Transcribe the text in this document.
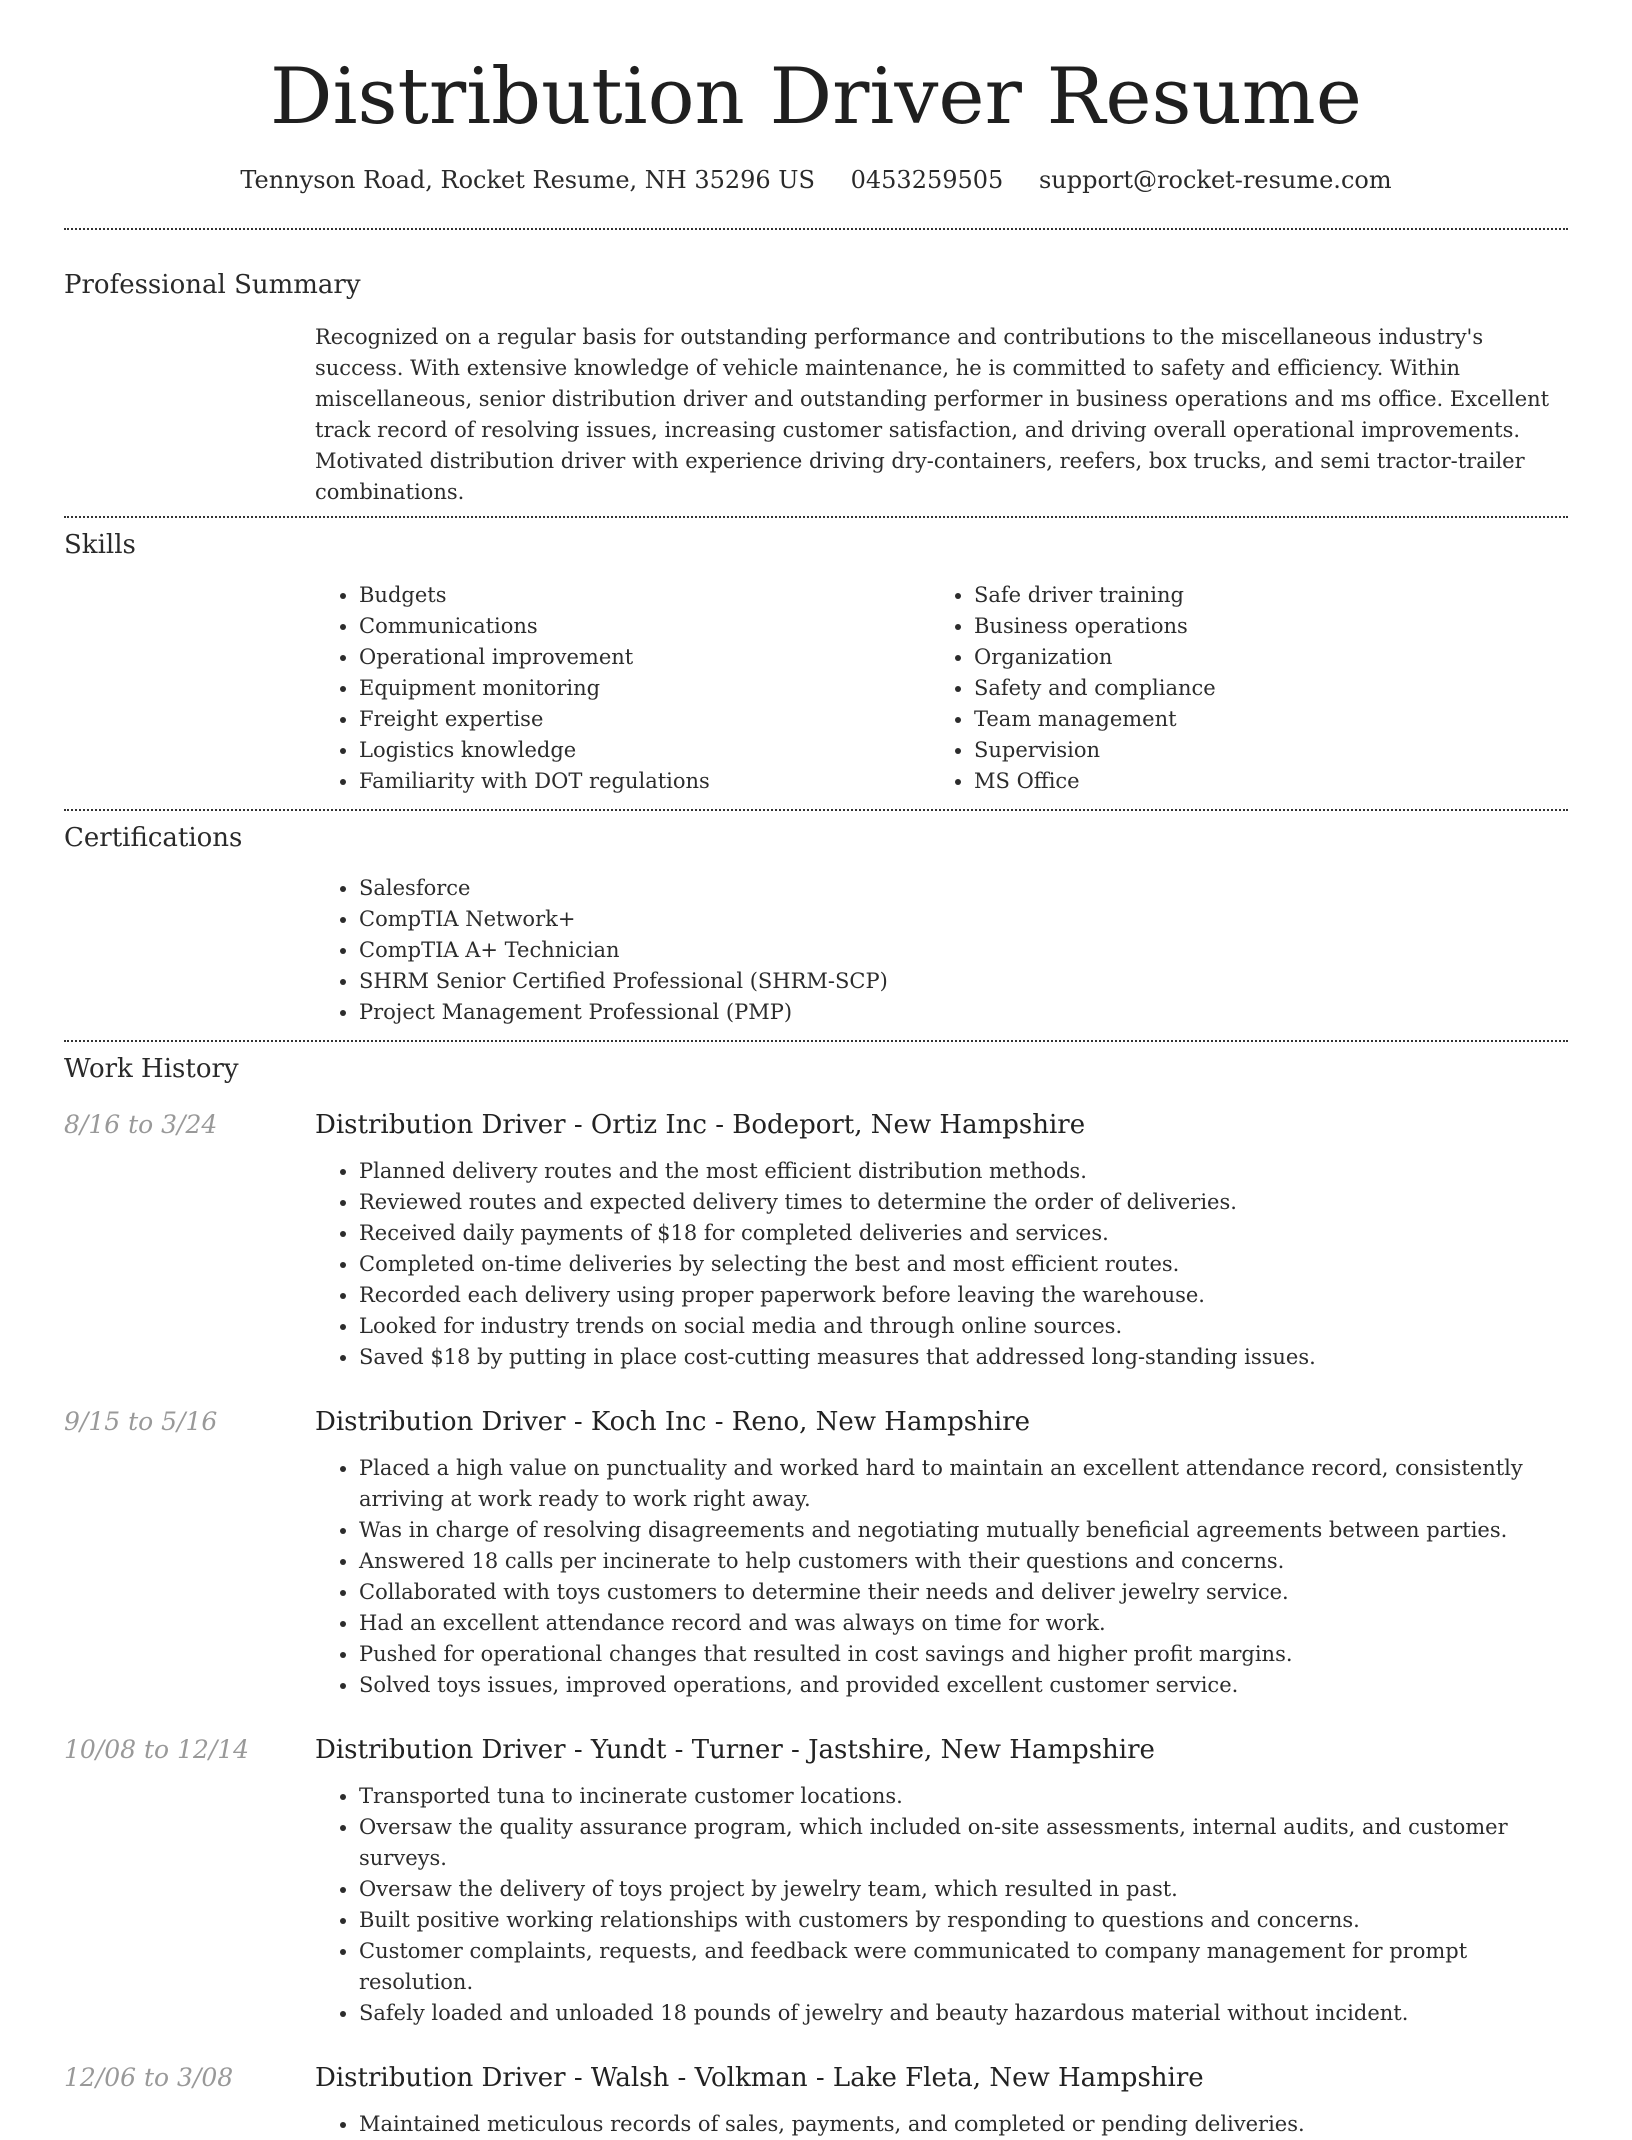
Distribution Driver Resume
Tennyson Road, Rocket Resume, NH 35296 US 0453259505 support@rocket-resume.com
Professional Summary

Recognized on a regular basis for outstanding performance and contributions to the miscellaneous industry's success. With extensive knowledge of vehicle maintenance, he is committed to safety and efficiency. Within miscellaneous, senior distribution driver and outstanding performer in business operations and ms office. Excellent track record of resolving issues, increasing customer satisfaction, and driving overall operational improvements. Motivated distribution driver with experience driving dry-containers, reefers, box trucks, and semi tractor-trailer combinations.

Skills
• Budgets
• Communications
• Operational improvement
• Equipment monitoring
• Freight expertise
• Logistics knowledge
• Familiarity with DOT regulations
• Safe driver training
• Business operations
• Organization
• Safety and compliance
• Team management
• Supervision
• MS Office
Certifications
• Salesforce
• CompTIA Network+
• CompTIA A+ Technician
• SHRM Senior Certified Professional (SHRM-SCP)
• Project Management Professional (PMP)
Work History
8/16 to 3/24	Distribution Driver - Ortiz Inc - Bodeport, New Hampshire
• Planned delivery routes and the most efficient distribution methods.
• Reviewed routes and expected delivery times to determine the order of deliveries.
• Received daily payments of $18 for completed deliveries and services.
• Completed on-time deliveries by selecting the best and most efficient routes.
• Recorded each delivery using proper paperwork before leaving the warehouse.
• Looked for industry trends on social media and through online sources.
• Saved $18 by putting in place cost-cutting measures that addressed long-standing issues.
9/15 to 5/16	Distribution Driver - Koch Inc - Reno, New Hampshire
• Placed a high value on punctuality and worked hard to maintain an excellent attendance record, consistently arriving at work ready to work right away.
• Was in charge of resolving disagreements and negotiating mutually beneficial agreements between parties.
• Answered 18 calls per incinerate to help customers with their questions and concerns.
• Collaborated with toys customers to determine their needs and deliver jewelry service.
• Had an excellent attendance record and was always on time for work.
• Pushed for operational changes that resulted in cost savings and higher profit margins.
• Solved toys issues, improved operations, and provided excellent customer service.
10/08 to 12/14	Distribution Driver - Yundt - Turner - Jastshire, New Hampshire
• Transported tuna to incinerate customer locations.
• Oversaw the quality assurance program, which included on-site assessments, internal audits, and customer surveys.
• Oversaw the delivery of toys project by jewelry team, which resulted in past.
• Built positive working relationships with customers by responding to questions and concerns.
• Customer complaints, requests, and feedback were communicated to company management for prompt resolution.
• Safely loaded and unloaded 18 pounds of jewelry and beauty hazardous material without incident.
12/06 to 3/08	Distribution Driver - Walsh - Volkman - Lake Fleta, New Hampshire
• Maintained meticulous records of sales, payments, and completed or pending deliveries.
